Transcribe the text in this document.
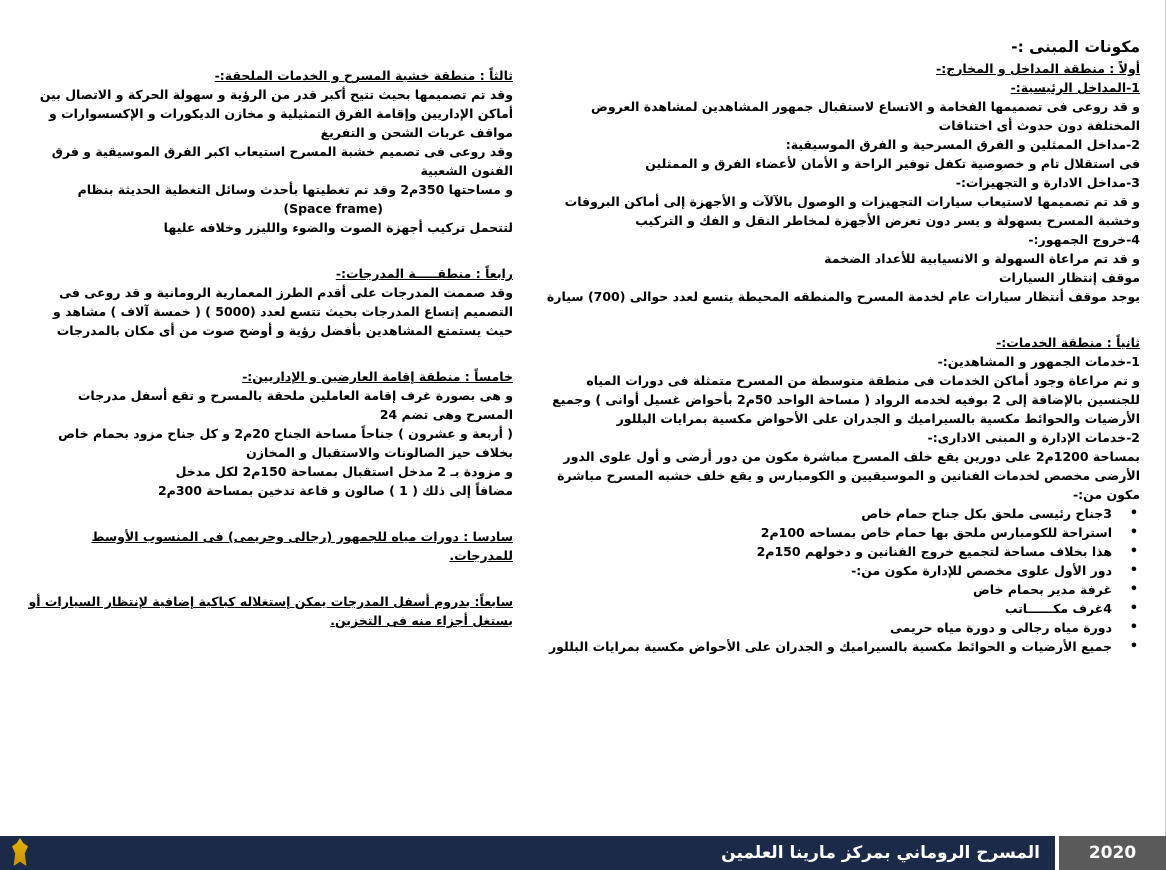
مكونات المبنى :-

أولاً : منطقة المداخل و المخارج:-

1-المداخل الرئيسية:-

و قد روعى فى تصميمها الفخامة و الاتساع لاستقبال جمهور المشاهدين لمشاهدة العروض المختلفة دون حدوث أى اختناقات

2-مداخل الممثلين و الفرق المسرحية و الفرق الموسيقية:

فى استقلال تام و خصوصية تكفل توفير الراحة و الأمان لأعضاء الفرق و الممثلين

3-مداخل الادارة و التجهيزات:-

و قد تم تصميمها لاستيعاب سيارات التجهيزات و الوصول بالآلآت و الأجهزة إلى أماكن البروفات وخشبة المسرح بسهولة و يسر دون تعرض الأجهزة لمخاطر النقل و الفك و التركيب

4-خروج الجمهور:-

و قد تم مراعاة السهولة و الانسيابية للأعداد الضخمة

موقف إنتظار السيارات

يوجد موقف أنتظار سيارات عام لخدمة المسرح والمنطقه المحيطة يتسع لعدد حوالى (700) سيارة

ثانياً : منطقة الخدمات:-

1-خدمات الجمهور و المشاهدين:-

و تم مراعاة وجود أماكن الخدمات فى منطقة متوسطة من المسرح متمثلة فى دورات المياه للجنسين بالإضافة إلى 2 بوفيه لخدمه الرواد ( مساحة الواحد 50م2 بأحواض غسيل أوانى ) وجميع الأرضيات والحوائط مكسية بالسيراميك و الجدران على الأحواض مكسية بمرايات البللور

2-خدمات الإدارة و المبنى الادارى:-

بمساحة 1200م2 على دورين يقع خلف المسرح مباشرة مكون من دور أرضى و أول علوى الدور الأرضى مخصص لخدمات الفنانين و الموسيقيين و الكومبارس و يقع خلف خشبه المسرح مباشرة مكون من:-

• 3جناح رئيسى ملحق بكل جناح حمام خاص
• استراحة للكومبارس ملحق بها حمام خاص بمساحه 100م2
• هذا بخلاف مساحة لتجميع خروج الفنانين و دخولهم 150م2
• دور الأول علوى مخصص للإدارة مكون من:-
• غرفة مدير بحمام خاص
• 4غرف مكــــــاتب
• دورة مياه رجالى و دورة مياه حريمى
• جميع الأرضيات و الحوائط مكسية بالسيراميك و الجدران على الأحواض مكسية بمرايات البللور

ثالثاً : منطقة خشبة المسرح و الخدمات الملحقة:-

وقد تم تصميمها بحيث تتيح أكبر قدر من الرؤية و سهولة الحركة و الاتصال بين أماكن الإداريين وإقامة الفرق التمثيلية و مخازن الديكورات و الإكسسوارات و مواقف عربات الشحن و التفريغ

وقد روعى فى تصميم خشبة المسرح استيعاب اكبر الفرق الموسيقية و فرق الفنون الشعبية

و مساحتها 350م2 وقد تم تغطيتها بأحدث وسائل التغطية الحديثة بنظام

(Space frame)

لتتحمل تركيب أجهزة الصوت والضوء والليزر وخلافه عليها

رابعاً : منطقـــــة المدرجات:-

وقد صممت المدرجات على أقدم الطرز المعمارية الرومانية و قد روعى فى التصميم إتساع المدرجات بحيث تتسع لعدد (5000 ) ( خمسة آلاف ) مشاهد و حيث يستمتع المشاهدين بأفضل رؤية و أوضح صوت من أى مكان بالمدرجات

خامساً : منطقة إقامة العارضين و الإداريين:-

و هى بصورة غرف إقامة العاملين ملحقة بالمسرح و تقع أسفل مدرجات المسرح وهى تضم 24

( أربعة و عشرون ) جناحاً مساحة الجناح 20م2 و كل جناح مزود بحمام خاص بخلاف حيز الصالونات والاستقبال و المخازن

و مزودة بـ 2 مدخل استقبال بمساحة 150م2 لكل مدخل

مضافاً إلى ذلك ( 1 ) صالون و قاعة تدخين بمساحة 300م2

سادسا : دورات مياه للجمهور (رجالى وحريمى) فى المنسوب الأوسط للمدرجات.

سابعاً: بدروم أسفل المدرجات يمكن إستغلاله كباكية إضافية لإنتظار السيارات أو يستغل أجزاء منه فى التخزين.

المسرح الروماني بمركز مارينا العلمين	2020
